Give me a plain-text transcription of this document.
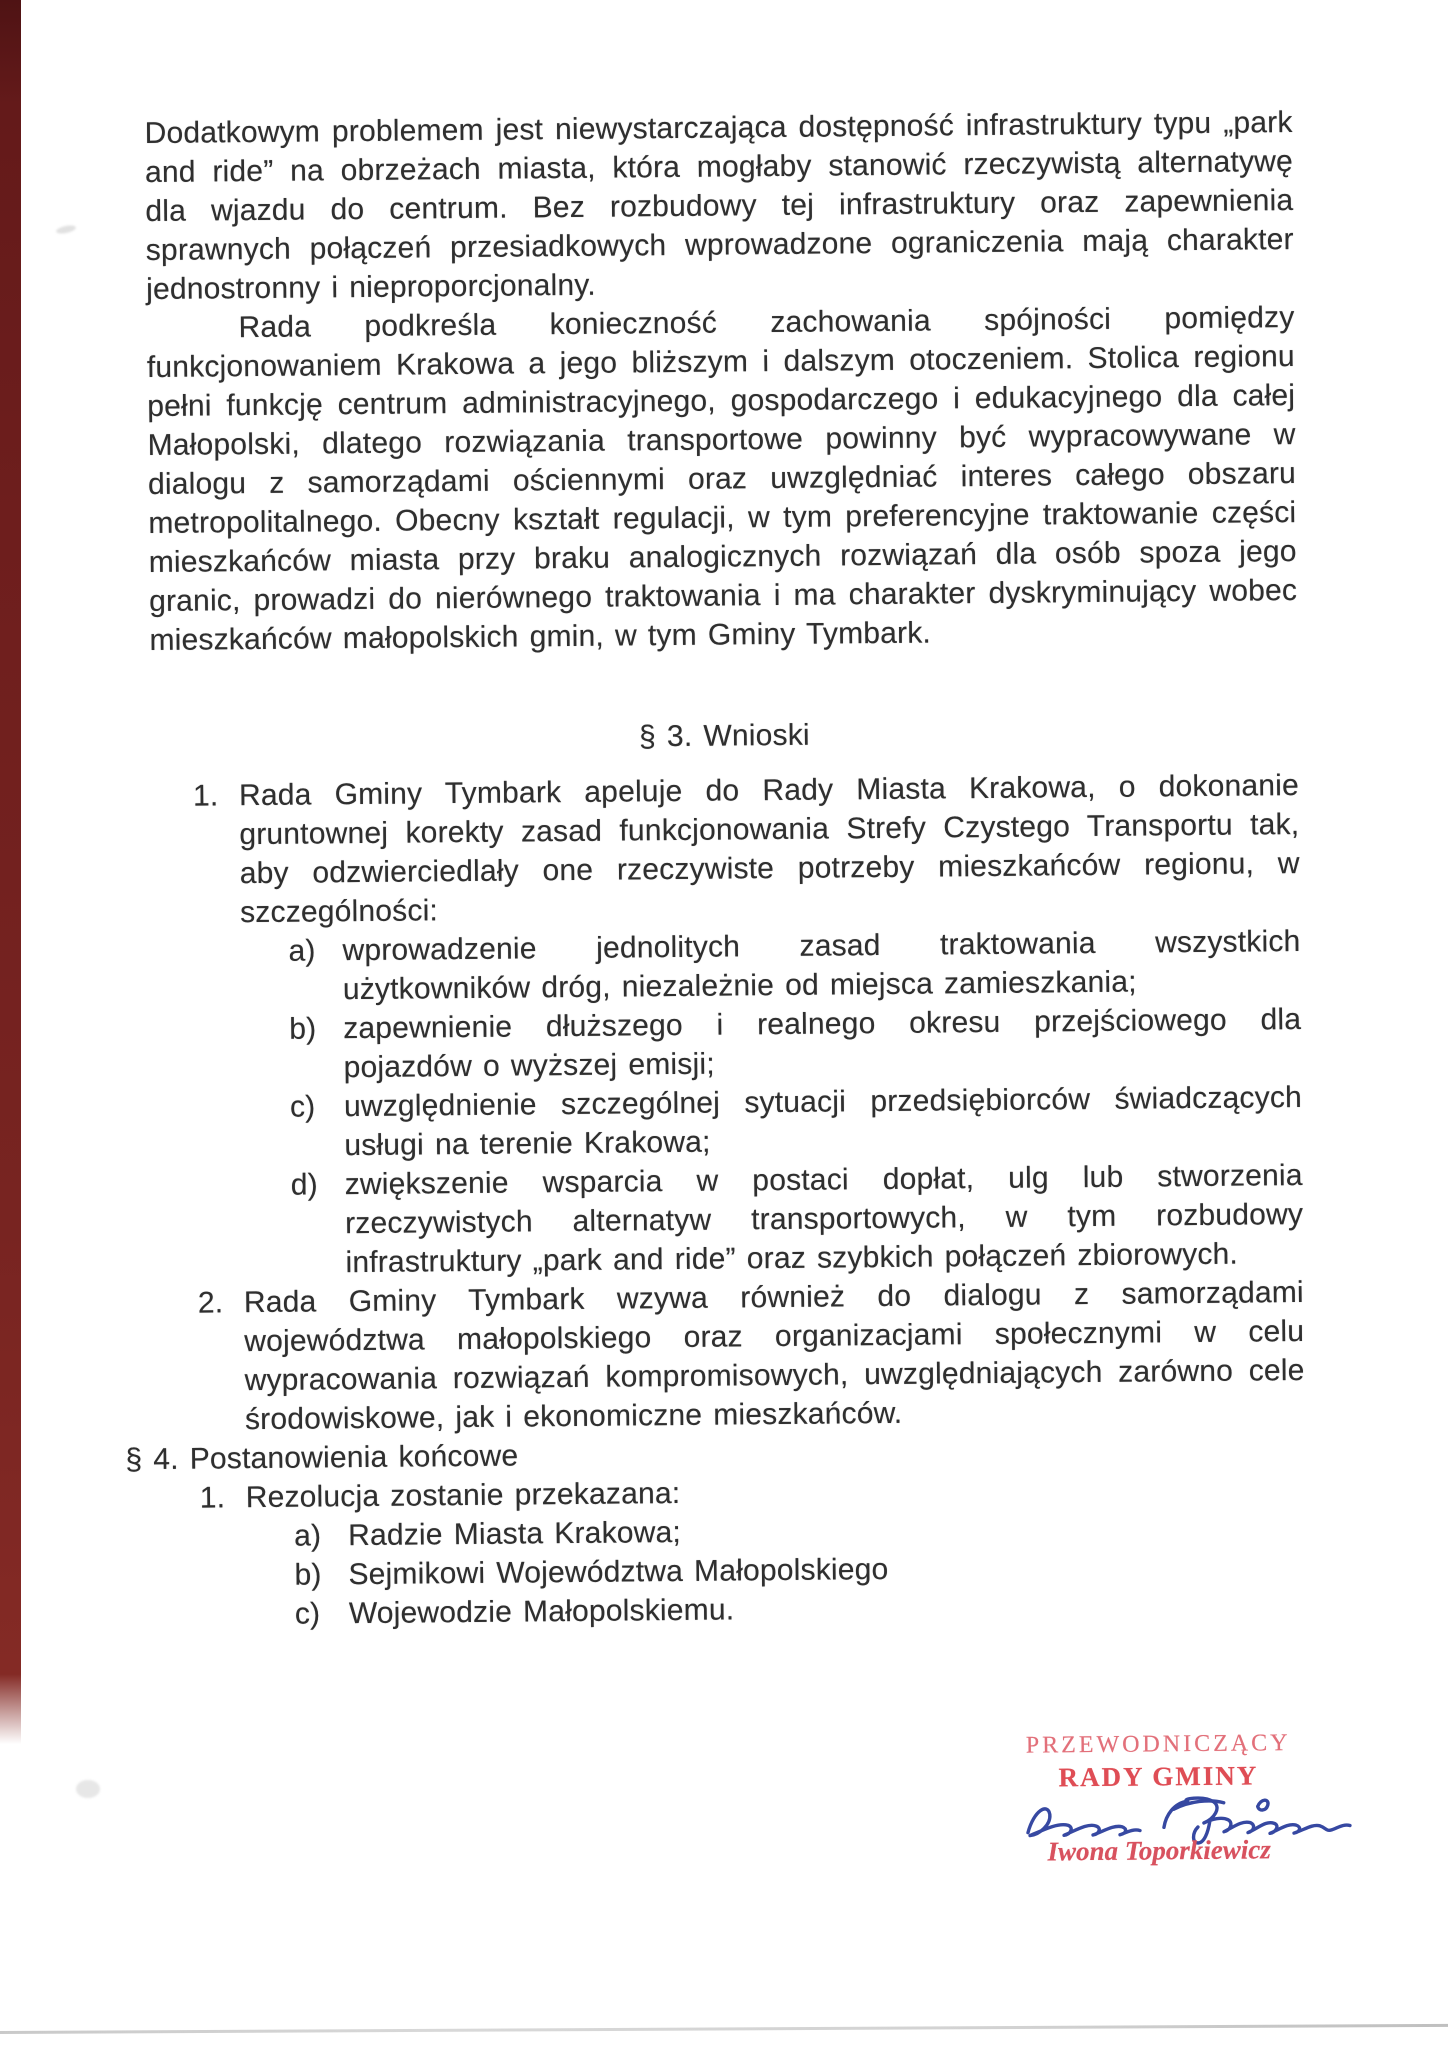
Dodatkowym problemem jest niewystarczająca dostępność infrastruktury typu „park and ride” na obrzeżach miasta, która mogłaby stanowić rzeczywistą alternatywę dla wjazdu do centrum. Bez rozbudowy tej infrastruktury oraz zapewnienia sprawnych połączeń przesiadkowych wprowadzone ograniczenia mają charakter jednostronny i nieproporcjonalny.

Rada podkreśla konieczność zachowania spójności pomiędzy funkcjonowaniem Krakowa a jego bliższym i dalszym otoczeniem. Stolica regionu pełni funkcję centrum administracyjnego, gospodarczego i edukacyjnego dla całej Małopolski, dlatego rozwiązania transportowe powinny być wypracowywane w dialogu z samorządami ościennymi oraz uwzględniać interes całego obszaru metropolitalnego. Obecny kształt regulacji, w tym preferencyjne traktowanie części mieszkańców miasta przy braku analogicznych rozwiązań dla osób spoza jego granic, prowadzi do nierównego traktowania i ma charakter dyskryminujący wobec mieszkańców małopolskich gmin, w tym Gminy Tymbark.

§ 3. Wnioski
1. Rada Gminy Tymbark apeluje do Rady Miasta Krakowa, o dokonanie gruntownej korekty zasad funkcjonowania Strefy Czystego Transportu tak, aby odzwierciedlały one rzeczywiste potrzeby mieszkańców regionu, w szczególności:
a) wprowadzenie jednolitych zasad traktowania wszystkich użytkowników dróg, niezależnie od miejsca zamieszkania;
b) zapewnienie dłuższego i realnego okresu przejściowego dla pojazdów o wyższej emisji;
c) uwzględnienie szczególnej sytuacji przedsiębiorców świadczących usługi na terenie Krakowa;
d) zwiększenie wsparcia w postaci dopłat, ulg lub stworzenia rzeczywistych alternatyw transportowych, w tym rozbudowy infrastruktury „park and ride” oraz szybkich połączeń zbiorowych.
2. Rada Gminy Tymbark wzywa również do dialogu z samorządami województwa małopolskiego oraz organizacjami społecznymi w celu wypracowania rozwiązań kompromisowych, uwzględniających zarówno cele środowiskowe, jak i ekonomiczne mieszkańców.
§ 4. Postanowienia końcowe
1. Rezolucja zostanie przekazana:
a) Radzie Miasta Krakowa;
b) Sejmikowi Województwa Małopolskiego
c) Wojewodzie Małopolskiemu.
PRZEWODNICZĄCY
RADY GMINY
Iwona Toporkiewicz
